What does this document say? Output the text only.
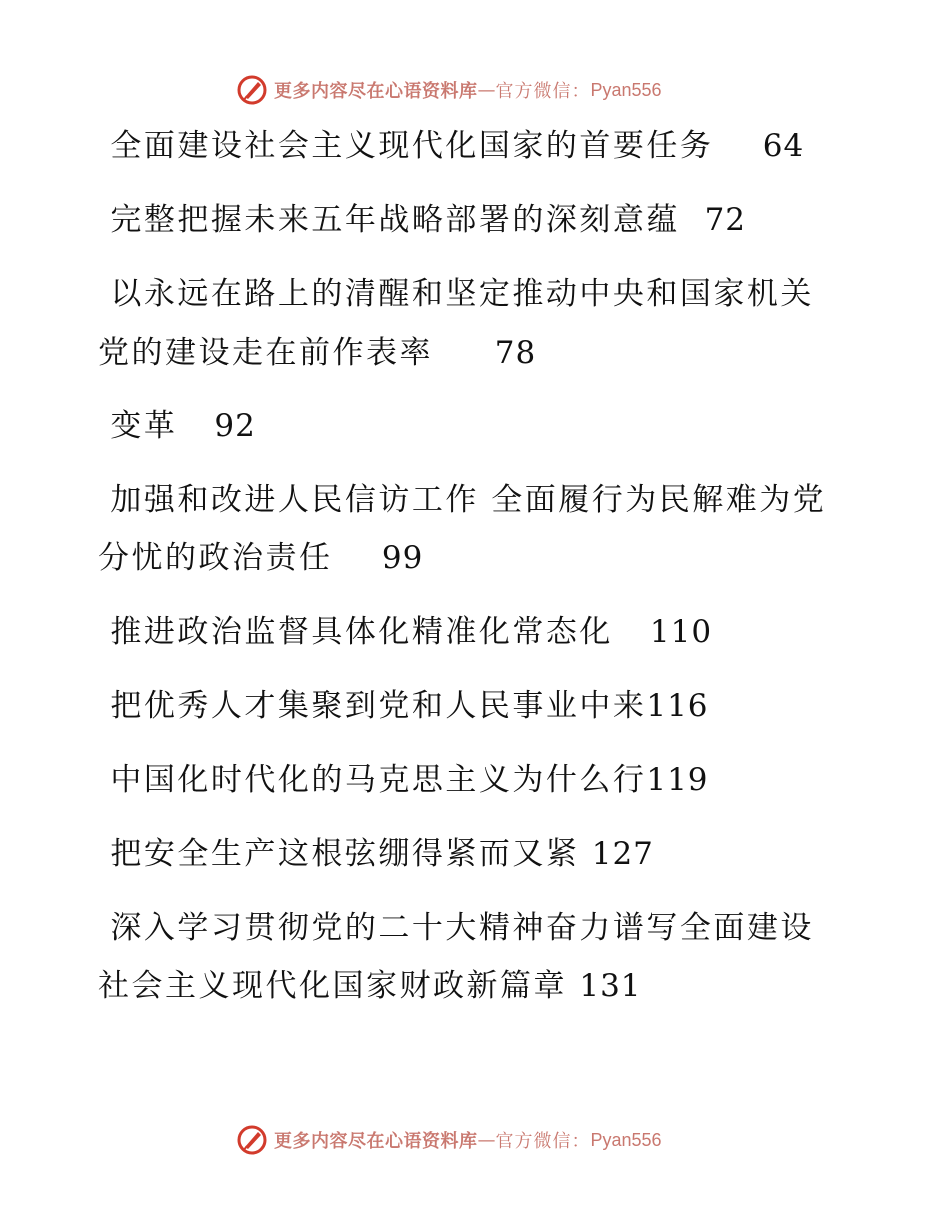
更多内容尽在心语资料库 — 官方微信： Pyan556
全面建设社会主义现代化国家的首要任务    64
完整把握未来五年战略部署的深刻意蕴  72
以永远在路上的清醒和坚定推动中央和国家机关
党的建设走在前作表率     78
变革   92
加强和改进人民信访工作 全面履行为民解难为党
分忧的政治责任    99
推进政治监督具体化精准化常态化   110
把优秀人才集聚到党和人民事业中来116
中国化时代化的马克思主义为什么行119
把安全生产这根弦绷得紧而又紧 127
深入学习贯彻党的二十大精神奋力谱写全面建设
社会主义现代化国家财政新篇章 131
更多内容尽在心语资料库 — 官方微信： Pyan556
